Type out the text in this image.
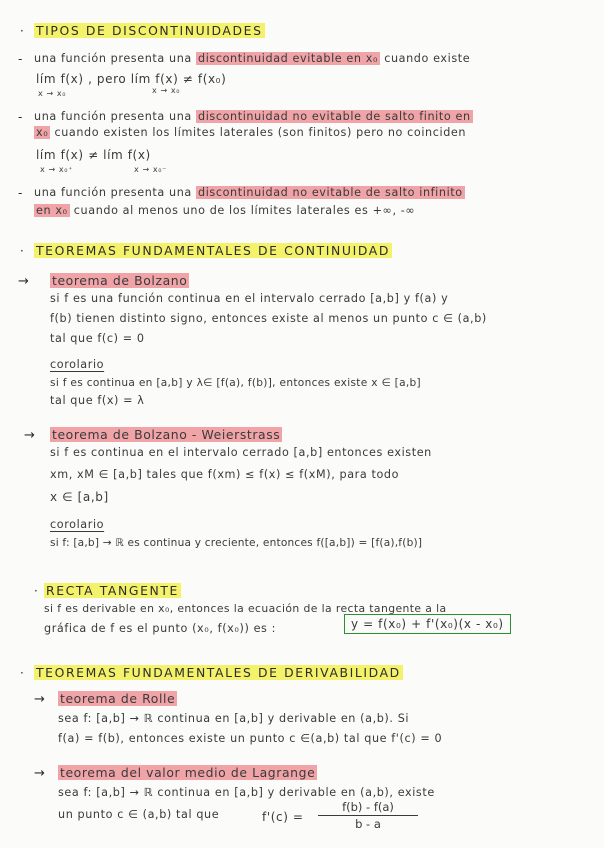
· TIPOS DE DISCONTINUIDADES
- una función presenta una discontinuidad evitable en x₀ cuando existe
lím f(x) , pero lím f(x) ≠ f(x₀)
x → x₀	x → x₀
- una función presenta una discontinuidad no evitable de salto finito en
x₀ cuando existen los límites laterales (son finitos) pero no coinciden
lím f(x) ≠ lím f(x)
x → x₀⁺	x → x₀⁻
- una función presenta una discontinuidad no evitable de salto infinito
en x₀ cuando al menos uno de los límites laterales es +∞, -∞
· TEOREMAS FUNDAMENTALES DE CONTINUIDAD
→ teorema de Bolzano
si f es una función continua en el intervalo cerrado [a,b] y f(a) y
f(b) tienen distinto signo, entonces existe al menos un punto c ∈ (a,b)
tal que f(c) = 0
corolario
si f es continua en [a,b] y λ∈ [f(a), f(b)], entonces existe x ∈ [a,b]
tal que f(x) = λ
→ teorema de Bolzano - Weierstrass
si f es continua en el intervalo cerrado [a,b] entonces existen
xm, xM ∈ [a,b] tales que f(xm) ≤ f(x) ≤ f(xM), para todo
x ∈ [a,b]
corolario
si f: [a,b] → ℝ es continua y creciente, entonces f([a,b]) = [f(a),f(b)]
· RECTA TANGENTE
si f es derivable en x₀, entonces la ecuación de la recta tangente a la
gráfica de f es el punto (x₀, f(x₀)) es :	y = f(x₀) + f'(x₀)(x - x₀)
· TEOREMAS FUNDAMENTALES DE DERIVABILIDAD
→ teorema de Rolle
sea f: [a,b] → ℝ continua en [a,b] y derivable en (a,b). Si
f(a) = f(b), entonces existe un punto c ∈(a,b) tal que f'(c) = 0
→ teorema del valor medio de Lagrange
sea f: [a,b] → ℝ continua en [a,b] y derivable en (a,b), existe
un punto c ∈ (a,b) tal que	f'(c) =
f(b) - f(a)
b - a
